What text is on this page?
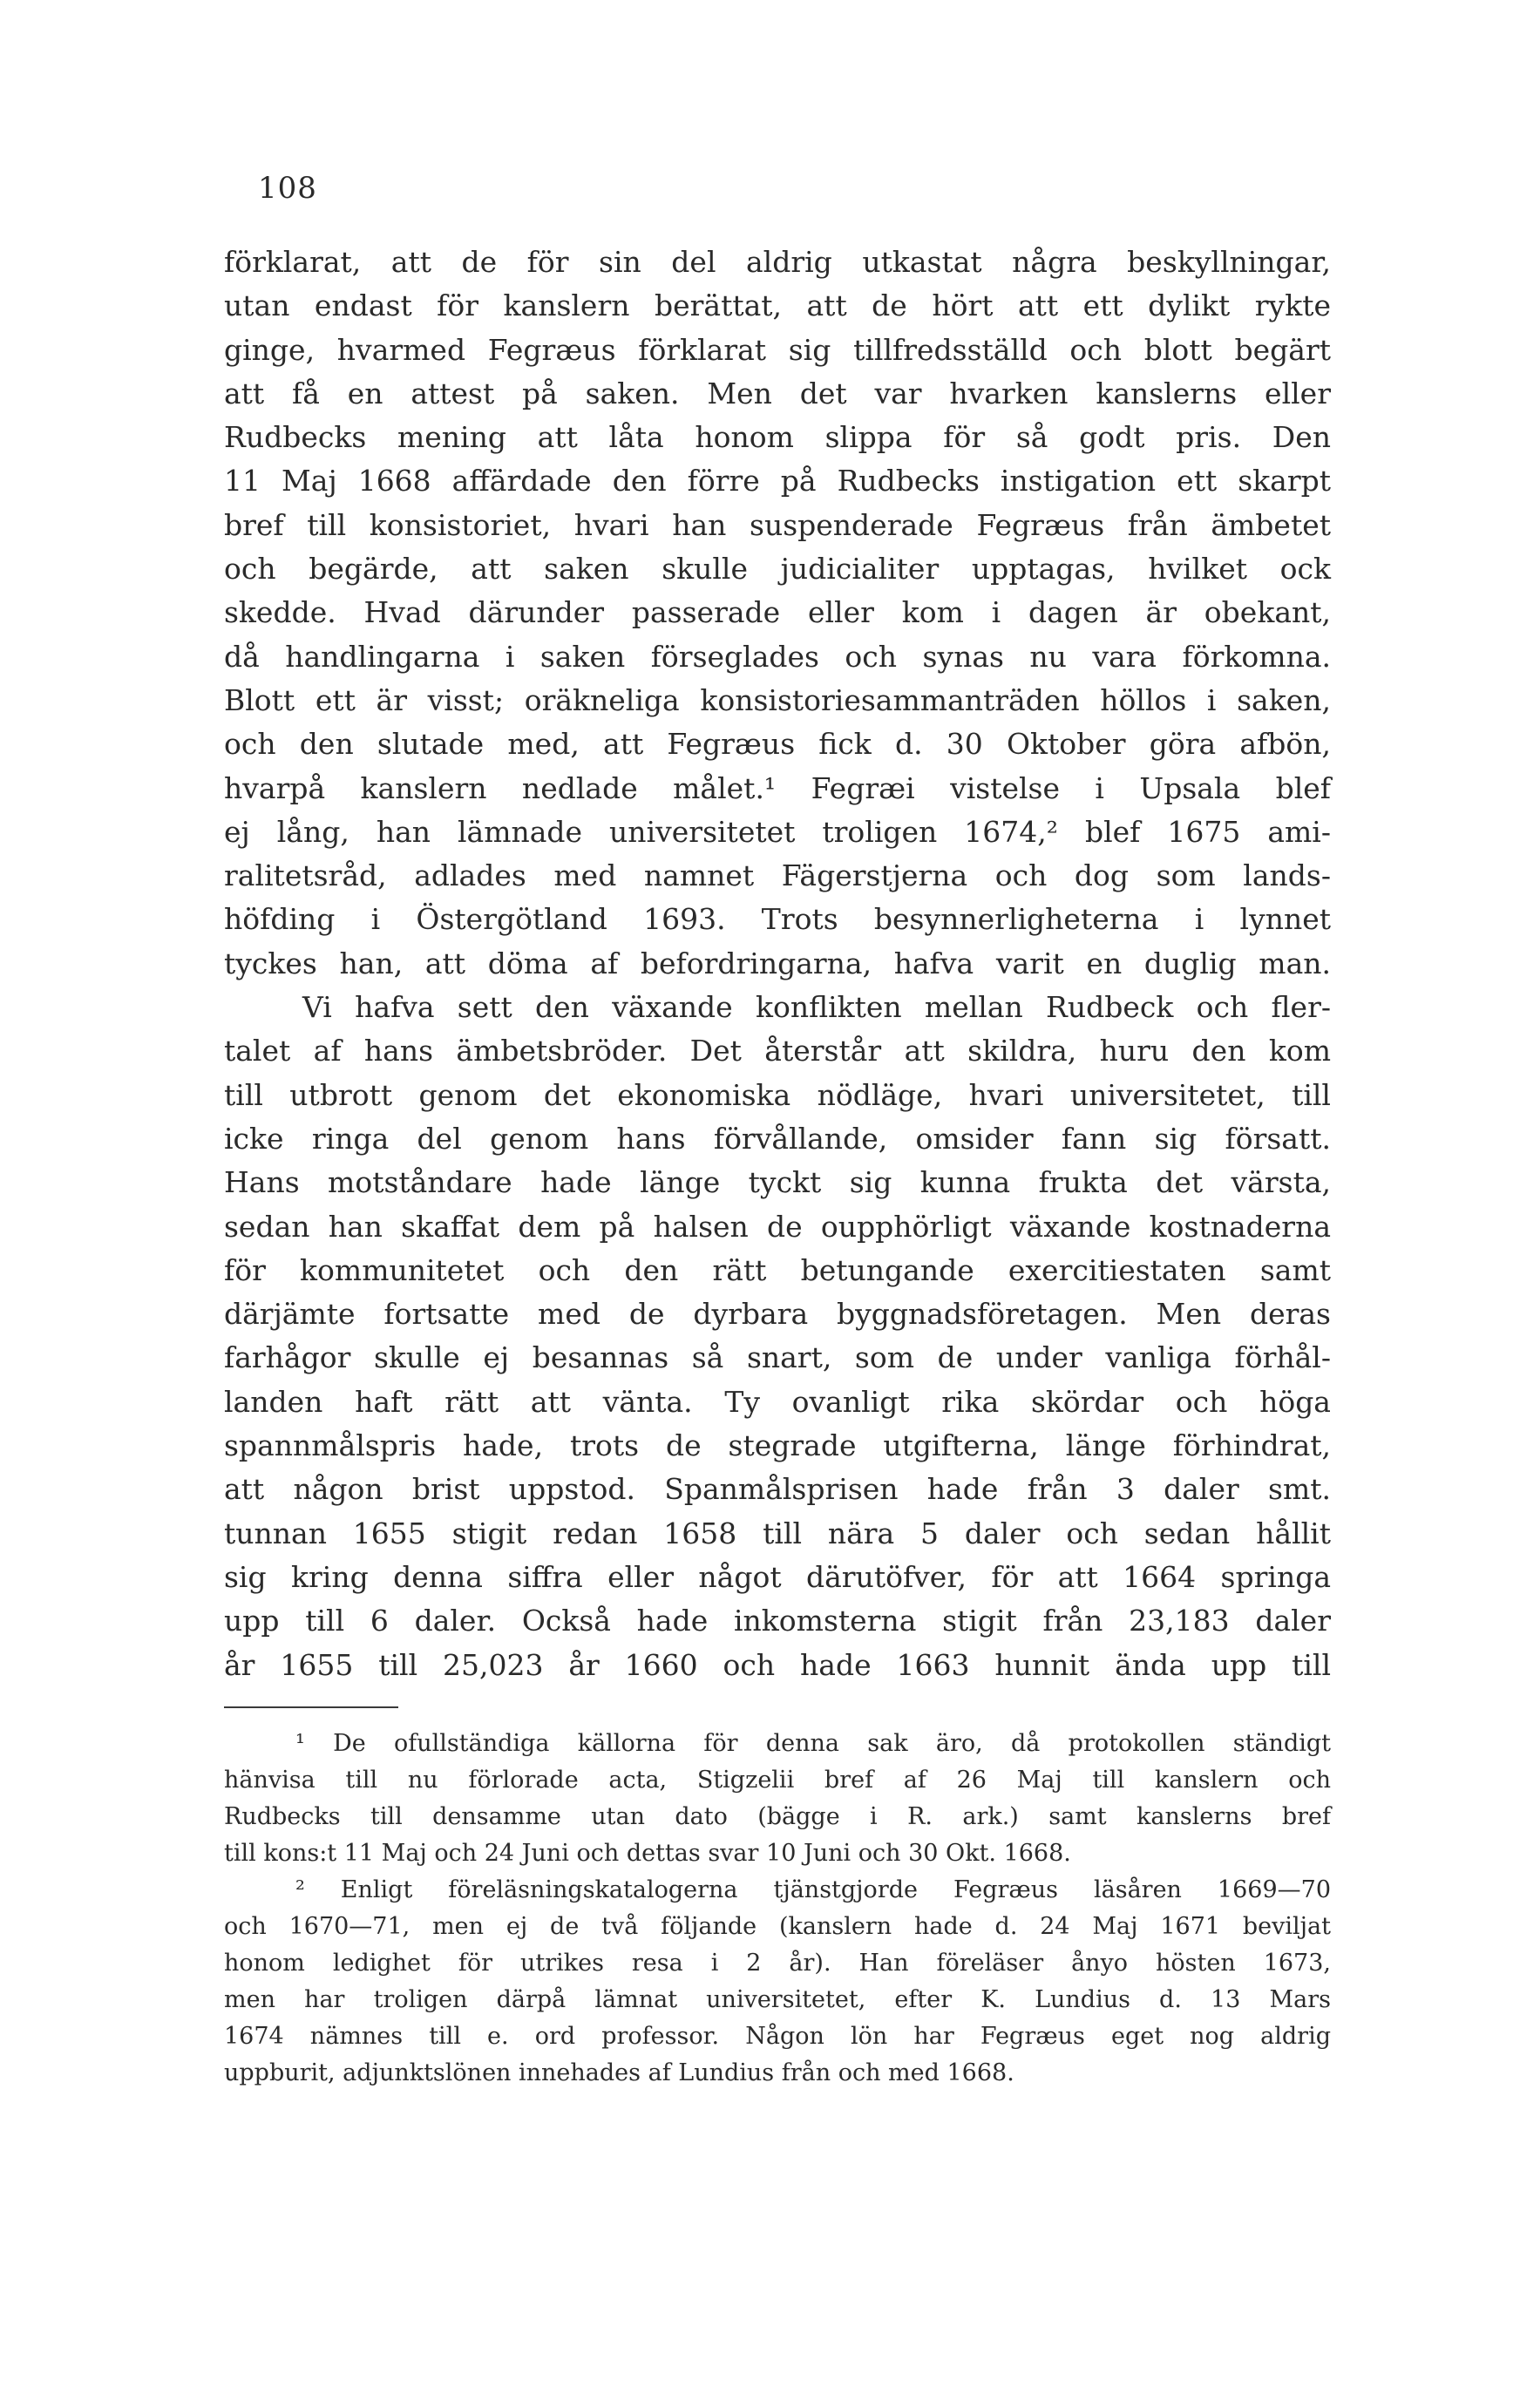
108
förklarat, att de för sin del aldrig utkastat några beskyllningar,
utan endast för kanslern berättat, att de hört att ett dylikt rykte
ginge, hvarmed Fegræus förklarat sig tillfredsställd och blott begärt
att få en attest på saken. Men det var hvarken kanslerns eller
Rudbecks mening att låta honom slippa för så godt pris. Den
11 Maj 1668 affärdade den förre på Rudbecks instigation ett skarpt
bref till konsistoriet, hvari han suspenderade Fegræus från ämbetet
och begärde, att saken skulle judicialiter upptagas, hvilket ock
skedde. Hvad därunder passerade eller kom i dagen är obekant,
då handlingarna i saken förseglades och synas nu vara förkomna.
Blott ett är visst; oräkneliga konsistoriesammanträden höllos i saken,
och den slutade med, att Fegræus fick d. 30 Oktober göra afbön,
hvarpå kanslern nedlade målet.¹ Fegræi vistelse i Upsala blef
ej lång, han lämnade universitetet troligen 1674,² blef 1675 ami-
ralitetsråd, adlades med namnet Fägerstjerna och dog som lands-
höfding i Östergötland 1693. Trots besynnerligheterna i lynnet
tyckes han, att döma af befordringarna, hafva varit en duglig man.
Vi hafva sett den växande konflikten mellan Rudbeck och fler-
talet af hans ämbetsbröder. Det återstår att skildra, huru den kom
till utbrott genom det ekonomiska nödläge, hvari universitetet, till
icke ringa del genom hans förvållande, omsider fann sig försatt.
Hans motståndare hade länge tyckt sig kunna frukta det värsta,
sedan han skaffat dem på halsen de oupphörligt växande kostnaderna
för kommunitetet och den rätt betungande exercitiestaten samt
därjämte fortsatte med de dyrbara byggnadsföretagen. Men deras
farhågor skulle ej besannas så snart, som de under vanliga förhål-
landen haft rätt att vänta. Ty ovanligt rika skördar och höga
spannmålspris hade, trots de stegrade utgifterna, länge förhindrat,
att någon brist uppstod. Spanmålsprisen hade från 3 daler smt.
tunnan 1655 stigit redan 1658 till nära 5 daler och sedan hållit
sig kring denna siffra eller något därutöfver, för att 1664 springa
upp till 6 daler. Också hade inkomsterna stigit från 23,183 daler
år 1655 till 25,023 år 1660 och hade 1663 hunnit ända upp till
¹ De ofullständiga källorna för denna sak äro, då protokollen ständigt
hänvisa till nu förlorade acta, Stigzelii bref af 26 Maj till kanslern och
Rudbecks till densamme utan dato (bägge i R. ark.) samt kanslerns bref
till kons:t 11 Maj och 24 Juni och dettas svar 10 Juni och 30 Okt. 1668.
² Enligt föreläsningskatalogerna tjänstgjorde Fegræus läsåren 1669—70
och 1670—71, men ej de två följande (kanslern hade d. 24 Maj 1671 beviljat
honom ledighet för utrikes resa i 2 år). Han föreläser ånyo hösten 1673,
men har troligen därpå lämnat universitetet, efter K. Lundius d. 13 Mars
1674 nämnes till e. ord professor. Någon lön har Fegræus eget nog aldrig
uppburit, adjunktslönen innehades af Lundius från och med 1668.
